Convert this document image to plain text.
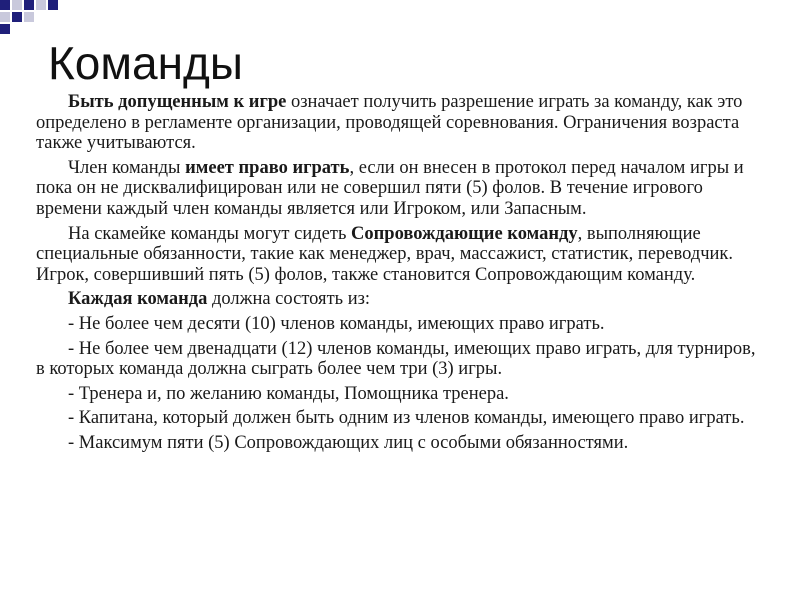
Команды

Быть допущенным к игре означает получить разрешение играть за команду, как это определено в регламенте организации, проводящей соревнования. Ограничения возраста также учитываются.

Член команды имеет право играть, если он внесен в протокол перед началом игры и пока он не дисквалифицирован или не совершил пяти (5) фолов. В течение игрового времени каждый член команды является или Игроком, или Запасным.

На скамейке команды могут сидеть Сопровождающие команду, выполняющие специальные обязанности, такие как менеджер, врач, массажист, статистик, переводчик. Игрок, совершивший пять (5) фолов, также становится Сопровождающим команду.

Каждая команда должна состоять из:

- Не более чем десяти (10) членов команды, имеющих право играть.

- Не более чем двенадцати (12) членов команды, имеющих право играть, для турниров, в которых команда должна сыграть более чем три (3) игры.

- Тренера и, по желанию команды, Помощника тренера.

- Капитана, который должен быть одним из членов команды, имеющего право играть.

- Максимум пяти (5) Сопровождающих лиц с особыми обязанностями.
